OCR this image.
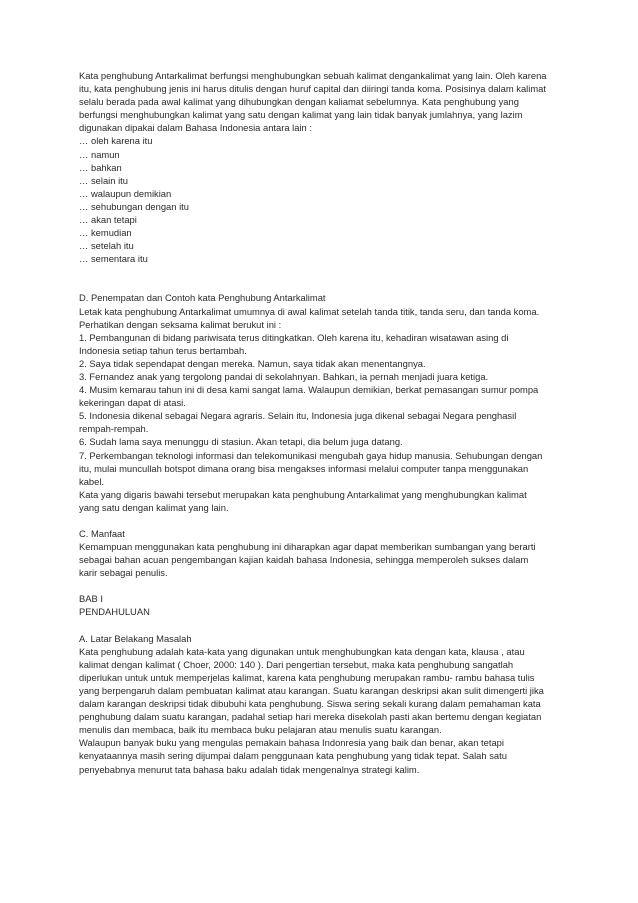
Kata penghubung Antarkalimat berfungsi menghubungkan sebuah kalimat dengankalimat yang lain. Oleh karena
itu, kata penghubung jenis ini harus ditulis dengan huruf capital dan diiringi tanda koma. Posisinya dalam kalimat
selalu berada pada awal kalimat yang dihubungkan dengan kaliamat sebelumnya. Kata penghubung yang
berfungsi menghubungkan kalimat yang satu dengan kalimat yang lain tidak banyak jumlahnya, yang lazim
digunakan dipakai dalam Bahasa Indonesia antara lain :

… oleh karena itu
… namun
… bahkan
… selain itu
… walaupun demikian
… sehubungan dengan itu
… akan tetapi
… kemudian
… setelah itu
… sementara itu

D. Penempatan dan Contoh kata Penghubung Antarkalimat

Letak kata penghubung Antarkalimat umumnya di awal kalimat setelah tanda titik, tanda seru, dan tanda koma.
Perhatikan dengan seksama kalimat berukut ini :
1. Pembangunan di bidang pariwisata terus ditingkatkan. Oleh karena itu, kehadiran wisatawan asing di
Indonesia setiap tahun terus bertambah.
2. Saya tidak sependapat dengan mereka. Namun, saya tidak akan menentangnya.
3. Fernandez anak yang tergolong pandai di sekolahnyan. Bahkan, ia pernah menjadi juara ketiga.
4. Musim kemarau tahun ini di desa kami sangat lama. Walaupun demikian, berkat pemasangan sumur pompa
kekeringan dapat di atasi.
5. Indonesia dikenal sebagai Negara agraris. Selain itu, Indonesia juga dikenal sebagai Negara penghasil
rempah-rempah.
6. Sudah lama saya menunggu di stasiun. Akan tetapi, dia belum juga datang.
7. Perkembangan teknologi informasi dan telekomunikasi mengubah gaya hidup manusia. Sehubungan dengan
itu, mulai muncullah botspot dimana orang bisa mengakses informasi melalui computer tanpa menggunakan
kabel.
Kata yang digaris bawahi tersebut merupakan kata penghubung Antarkalimat yang menghubungkan kalimat
yang satu dengan kalimat yang lain.

C. Manfaat

Kemampuan menggunakan kata penghubung ini diharapkan agar dapat memberikan sumbangan yang berarti
sebagai bahan acuan pengembangan kajian kaidah bahasa Indonesia, sehingga memperoleh sukses dalam
karir sebagai penulis.

BAB I

PENDAHULUAN

A. Latar Belakang Masalah

Kata penghubung adalah kata-kata yang digunakan untuk menghubungkan kata dengan kata, klausa , atau
kalimat dengan kalimat ( Choer, 2000: 140 ). Dari pengertian tersebut, maka kata penghubung sangatlah
diperlukan untuk untuk memperjelas kalimat, karena kata penghubung merupakan rambu- rambu bahasa tulis
yang berpengaruh dalam pembuatan kalimat atau karangan. Suatu karangan deskripsi akan sulit dimengerti jika
dalam karangan deskripsi tidak dibubuhi kata penghubung. Siswa sering sekali kurang dalam pemahaman kata
penghubung dalam suatu karangan, padahal setiap hari mereka disekolah pasti akan bertemu dengan kegiatan
menulis dan membaca, baik itu membaca buku pelajaran atau menulis suatu karangan.
Walaupun banyak buku yang mengulas pemakain bahasa Indonresia yang baik dan benar, akan tetapi
kenyataannya masih sering dijumpai dalam penggunaan kata penghubung yang tidak tepat. Salah satu
penyebabnya menurut tata bahasa baku adalah tidak mengenalnya strategi kalim.
